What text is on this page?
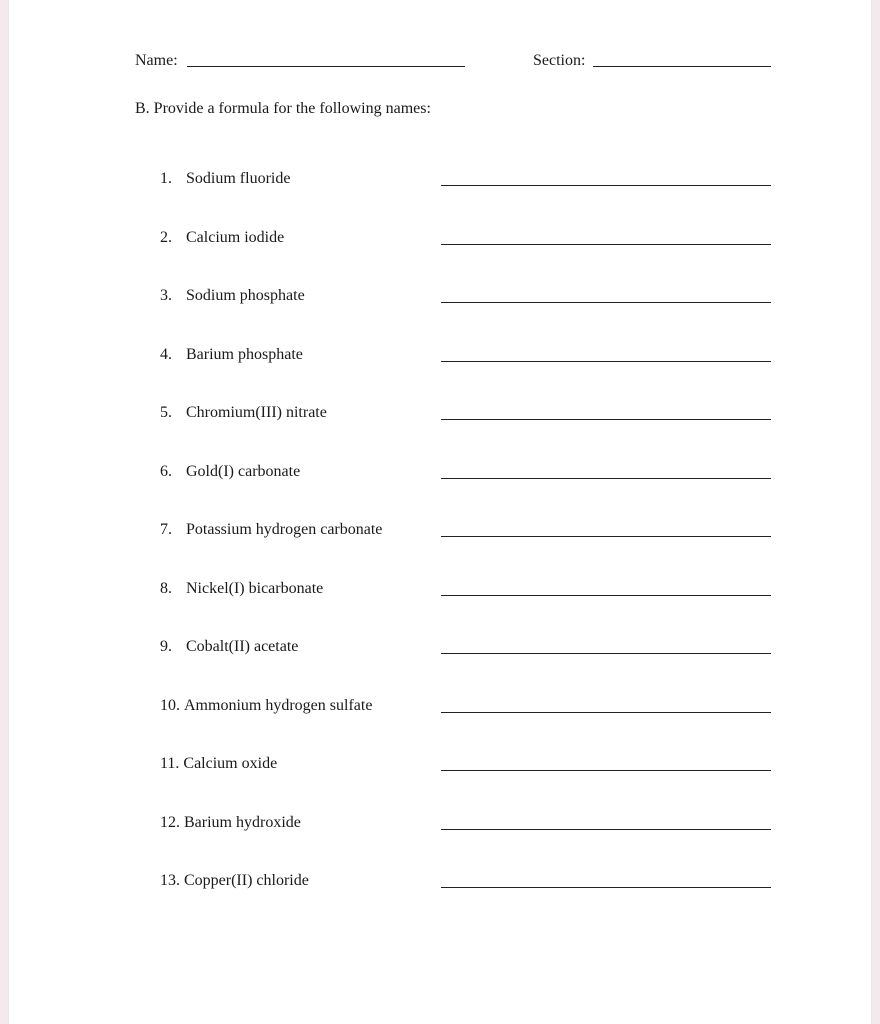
Name:	Section:
B. Provide a formula for the following names:
1. Sodium fluoride
2. Calcium iodide
3. Sodium phosphate
4. Barium phosphate
5. Chromium(III) nitrate
6. Gold(I) carbonate
7. Potassium hydrogen carbonate
8. Nickel(I) bicarbonate
9. Cobalt(II) acetate
10. Ammonium hydrogen sulfate
11. Calcium oxide
12. Barium hydroxide
13. Copper(II) chloride
